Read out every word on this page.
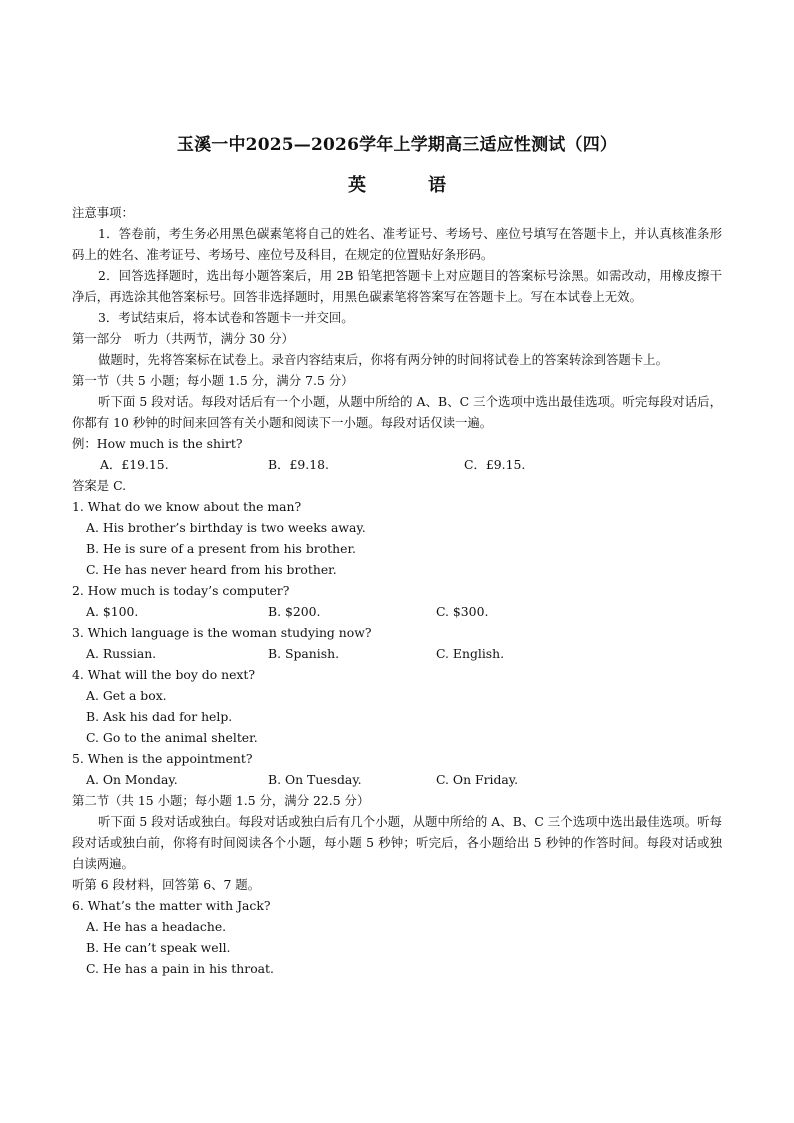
玉溪一中2025—2026学年上学期高三适应性测试（四）
英　语
注意事项：
1．答卷前，考生务必用黑色碳素笔将自己的姓名、准考证号、考场号、座位号填写在答题卡上，并认真核准条形码上的姓名、准考证号、考场号、座位号及科目，在规定的位置贴好条形码。
2．回答选择题时，选出每小题答案后，用 2B 铅笔把答题卡上对应题目的答案标号涂黑。如需改动，用橡皮擦干净后，再选涂其他答案标号。回答非选择题时，用黑色碳素笔将答案写在答题卡上。写在本试卷上无效。
3．考试结束后，将本试卷和答题卡一并交回。
第一部分　听力（共两节，满分 30 分）
做题时，先将答案标在试卷上。录音内容结束后，你将有两分钟的时间将试卷上的答案转涂到答题卡上。
第一节（共 5 小题；每小题 1.5 分，满分 7.5 分）
听下面 5 段对话。每段对话后有一个小题，从题中所给的 A、B、C 三个选项中选出最佳选项。听完每段对话后，你都有 10 秒钟的时间来回答有关小题和阅读下一小题。每段对话仅读一遍。
例：How much is the shirt?
A．£19.15.	B．£9.18.	C．£9.15.
答案是 C.
1. What do we know about the man?
A. His brother’s birthday is two weeks away.
B. He is sure of a present from his brother.
C. He has never heard from his brother.
2. How much is today’s computer?
A. $100.	B. $200.	C. $300.
3. Which language is the woman studying now?
A. Russian.	B. Spanish.	C. English.
4. What will the boy do next?
A. Get a box.
B. Ask his dad for help.
C. Go to the animal shelter.
5. When is the appointment?
A. On Monday.	B. On Tuesday.	C. On Friday.
第二节（共 15 小题；每小题 1.5 分，满分 22.5 分）
听下面 5 段对话或独白。每段对话或独白后有几个小题，从题中所给的 A、B、C 三个选项中选出最佳选项。听每段对话或独白前，你将有时间阅读各个小题，每小题 5 秒钟；听完后，各小题给出 5 秒钟的作答时间。每段对话或独白读两遍。
听第 6 段材料，回答第 6、7 题。
6. What’s the matter with Jack?
A. He has a headache.
B. He can’t speak well.
C. He has a pain in his throat.
